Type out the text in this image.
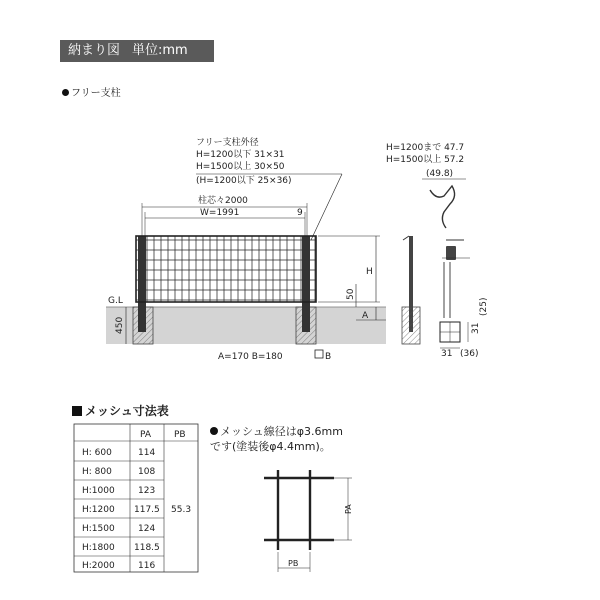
納まり図 単位:mm
フリー支柱
柱芯々2000
W=1991	9
フリー支柱外径
H=1200以下 31×31
H=1500以上 30×50
(H=1200以下 25×36)
H
50
A
G.L
450
A=170 B=180	B
H=1200まで 47.7
H=1500以上 57.2
(49.8)
31
(25)
31 (36)
PA	PB
H: 600	114
H: 800	108
H:1000	123
H:1200 117.5
H:1500	124
H:1800 118.5
H:2000	116
55.3	PA
PB
メッシュ寸法表
メッシュ線径はφ3.6mm
です(塗装後φ4.4mm)。
